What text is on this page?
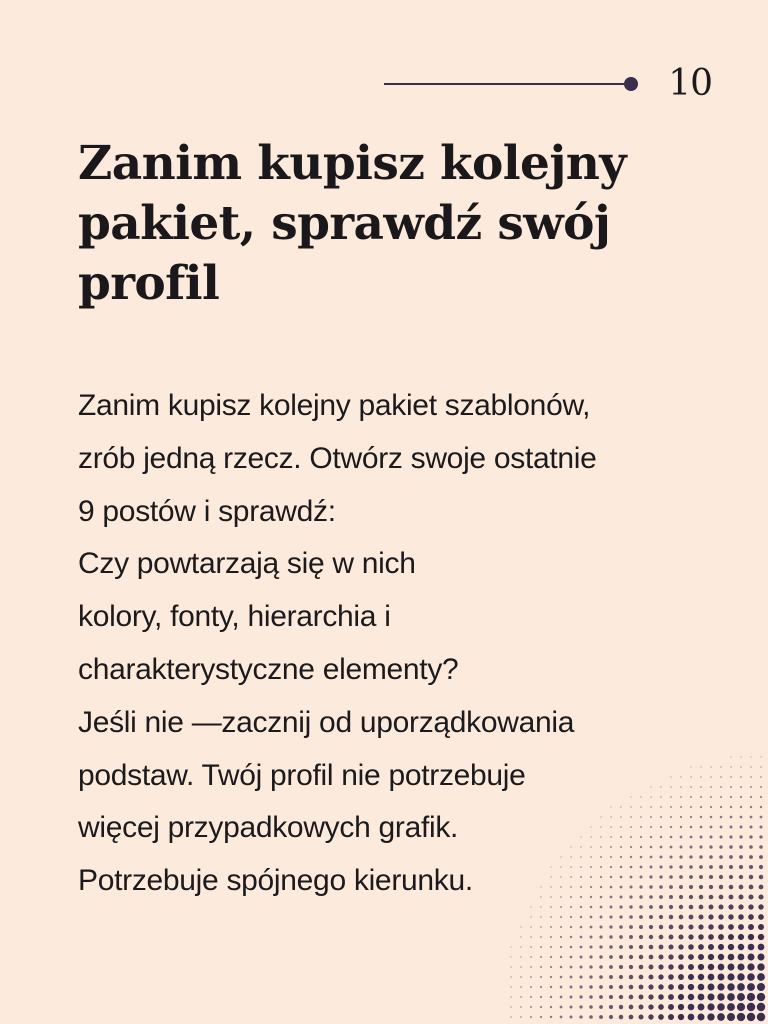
10
Zanim kupisz kolejny
pakiet, sprawdź swój
profil
Zanim kupisz kolejny pakiet szablonów,
zrób jedną rzecz. Otwórz swoje ostatnie
9 postów i sprawdź:
Czy powtarzają się w nich
kolory, fonty, hierarchia i
charakterystyczne elementy?
Jeśli nie —zacznij od uporządkowania
podstaw. Twój profil nie potrzebuje
więcej przypadkowych grafik.
Potrzebuje spójnego kierunku.
